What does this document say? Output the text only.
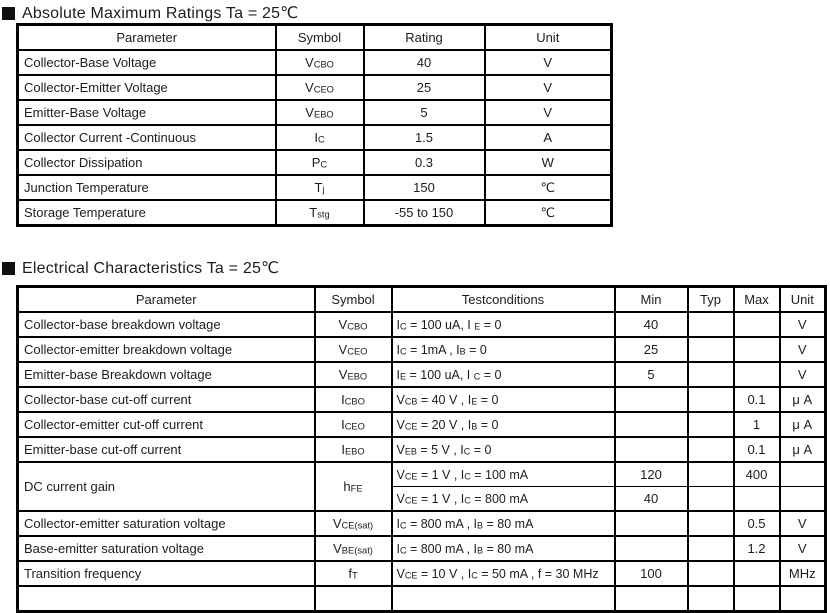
Absolute Maximum Ratings Ta = 25℃
Parameter	Symbol	Rating	Unit
Collector-Base Voltage	VCBO	40	V
Collector-Emitter Voltage	VCEO	25	V
Emitter-Base Voltage	VEBO	5	V
Collector Current -Continuous	IC	1.5	A
Collector Dissipation	PC	0.3	W
Junction Temperature	Tj	150	℃
Storage Temperature	Tstg	-55 to 150	℃
Electrical Characteristics Ta = 25℃
Parameter	Symbol	Testconditions	Min	Typ	Max	Unit
Collector-base breakdown voltage	VCBO	IC = 100 uA, I E = 0	40			V
Collector-emitter breakdown voltage	VCEO	IC = 1mA , IB = 0	25			V
Emitter-base Breakdown voltage	VEBO	IE = 100 uA, I C = 0	5			V
Collector-base cut-off current	ICBO	VCB = 40 V , IE = 0			0.1	μ A
Collector-emitter cut-off current	ICEO	VCE = 20 V , IB = 0			1	μ A
Emitter-base cut-off current	IEBO	VEB = 5 V , IC = 0			0.1	μ A
DC current gain	hFE	VCE = 1 V , IC = 100 mA	120		400	
		VCE = 1 V , IC = 800 mA	40			
Collector-emitter saturation voltage	VCE(sat)	IC = 800 mA , IB = 80 mA			0.5	V
Base-emitter saturation voltage	VBE(sat)	IC = 800 mA , IB = 80 mA			1.2	V
Transition frequency	fT	VCE = 10 V , IC = 50 mA , f = 30 MHz	100			MHz
